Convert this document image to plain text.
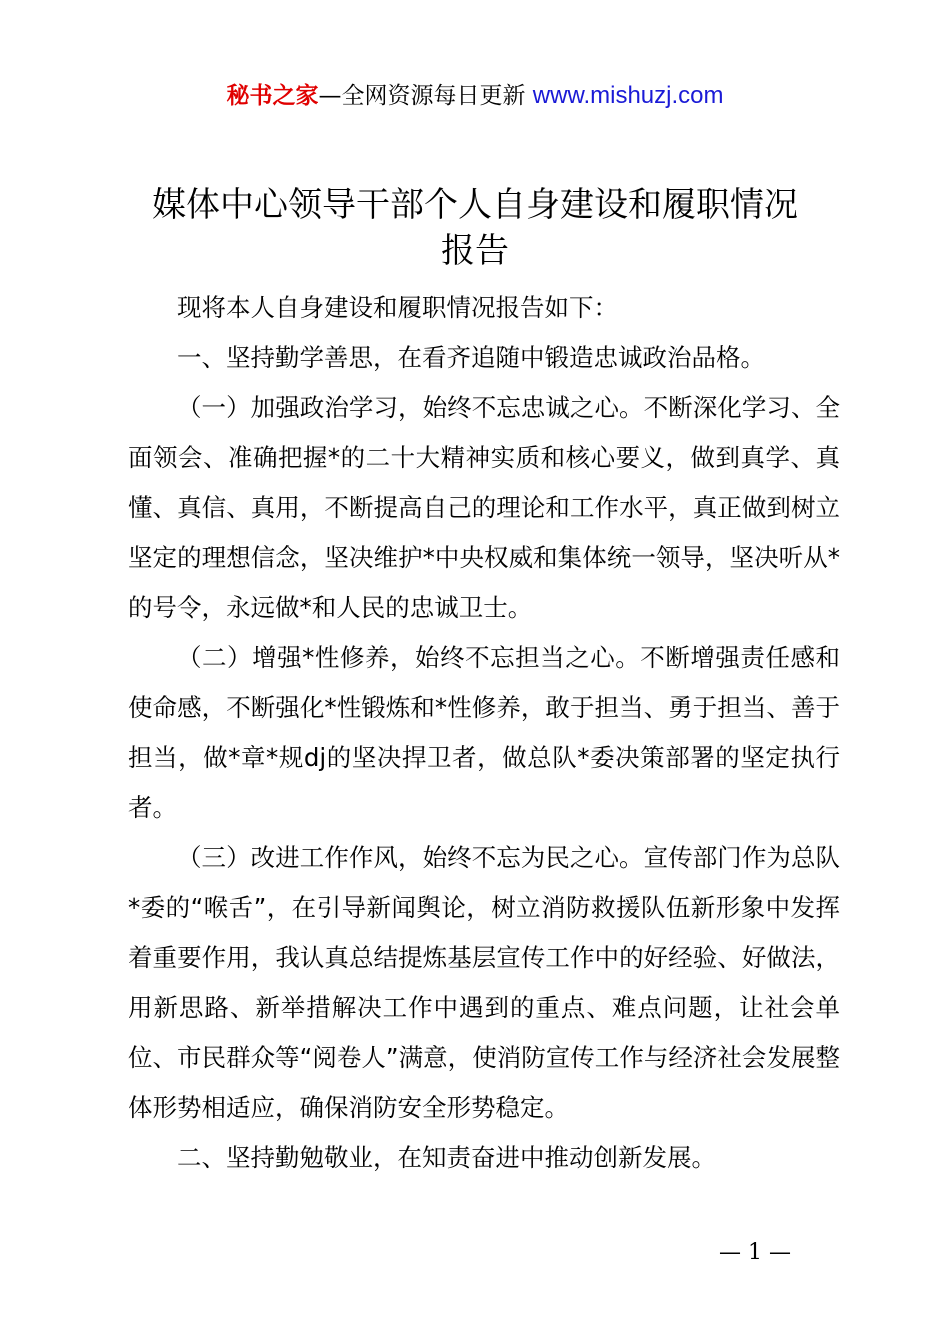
秘书之家—全网资源每日更新 www.mishuzj.com
媒体中心领导干部个人自身建设和履职情况
报告

现将本人自身建设和履职情况报告如下：

一、坚持勤学善思，在看齐追随中锻造忠诚政治品格。

（一）加强政治学习，始终不忘忠诚之心。不断深化学习、全面领会、准确把握*的二十大精神实质和核心要义，做到真学、真懂、真信、真用，不断提高自己的理论和工作水平，真正做到树立坚定的理想信念，坚决维护*中央权威和集体统一领导，坚决听从*的号令，永远做*和人民的忠诚卫士。

（二）增强*性修养，始终不忘担当之心。不断增强责任感和使命感，不断强化*性锻炼和*性修养，敢于担当、勇于担当、善于担当，做*章*规dj的坚决捍卫者，做总队*委决策部署的坚定执行者。

（三）改进工作作风，始终不忘为民之心。宣传部门作为总队*委的“喉舌”，在引导新闻舆论，树立消防救援队伍新形象中发挥着重要作用，我认真总结提炼基层宣传工作中的好经验、好做法，用新思路、新举措解决工作中遇到的重点、难点问题，让社会单位、市民群众等“阅卷人”满意，使消防宣传工作与经济社会发展整体形势相适应，确保消防安全形势稳定。

二、坚持勤勉敬业，在知责奋进中推动创新发展。

— 1 —
